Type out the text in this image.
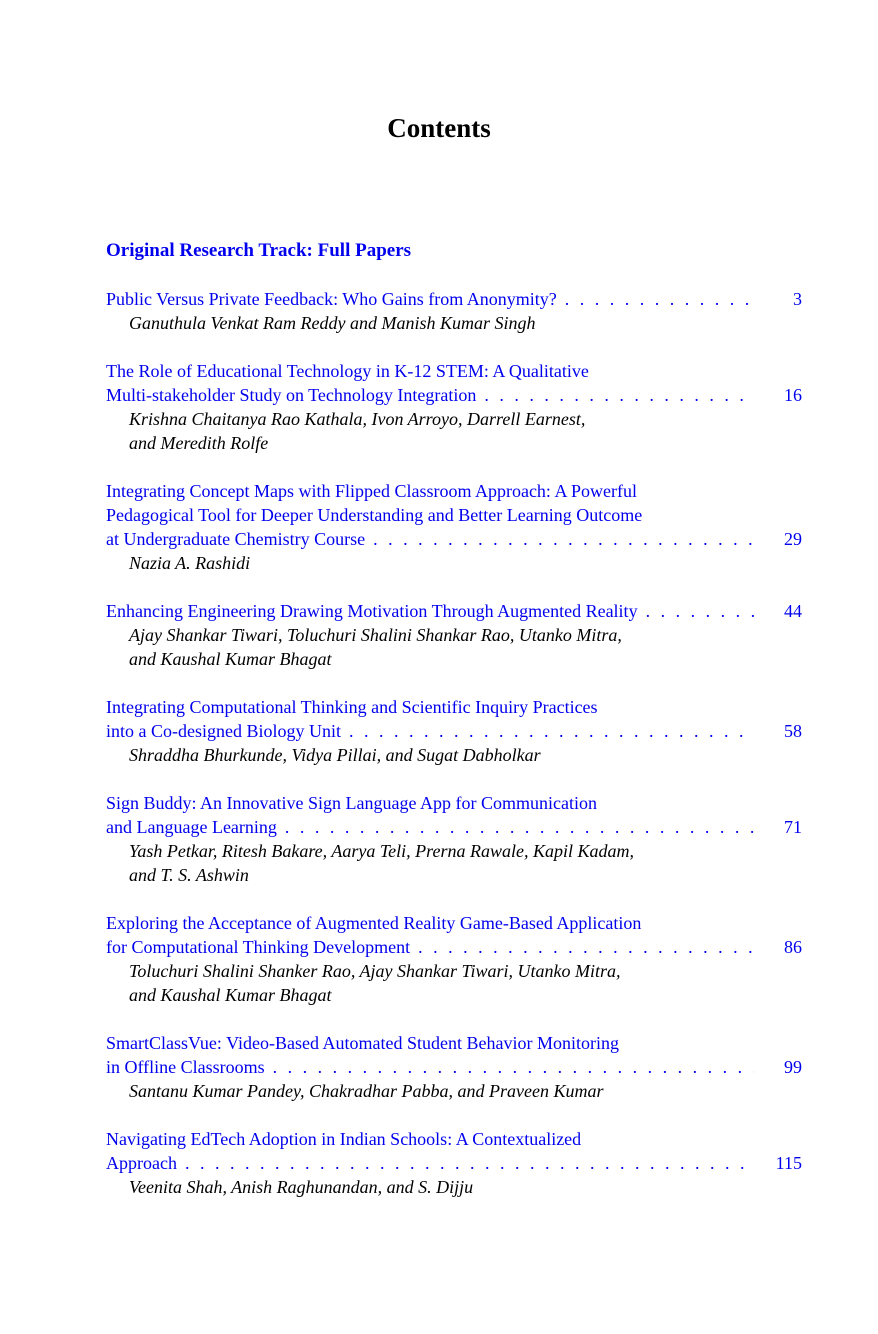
Contents
Original Research Track: Full Papers
Public Versus Private Feedback: Who Gains from Anonymity? . . .	3
Ganuthula Venkat Ram Reddy and Manish Kumar Singh
The Role of Educational Technology in K-12 STEM: A Qualitative
Multi-stakeholder Study on Technology Integration . . .	16
Krishna Chaitanya Rao Kathala, Ivon Arroyo, Darrell Earnest,
and Meredith Rolfe
Integrating Concept Maps with Flipped Classroom Approach: A Powerful
Pedagogical Tool for Deeper Understanding and Better Learning Outcome
at Undergraduate Chemistry Course . . .	29
Nazia A. Rashidi
Enhancing Engineering Drawing Motivation Through Augmented Reality . . .	44
Ajay Shankar Tiwari, Toluchuri Shalini Shankar Rao, Utanko Mitra,
and Kaushal Kumar Bhagat
Integrating Computational Thinking and Scientific Inquiry Practices
into a Co-designed Biology Unit . . .	58
Shraddha Bhurkunde, Vidya Pillai, and Sugat Dabholkar
Sign Buddy: An Innovative Sign Language App for Communication
and Language Learning . . .	71
Yash Petkar, Ritesh Bakare, Aarya Teli, Prerna Rawale, Kapil Kadam,
and T. S. Ashwin
Exploring the Acceptance of Augmented Reality Game-Based Application
for Computational Thinking Development . . .	86
Toluchuri Shalini Shanker Rao, Ajay Shankar Tiwari, Utanko Mitra,
and Kaushal Kumar Bhagat
SmartClassVue: Video-Based Automated Student Behavior Monitoring
in Offline Classrooms . . .	99
Santanu Kumar Pandey, Chakradhar Pabba, and Praveen Kumar
Navigating EdTech Adoption in Indian Schools: A Contextualized
Approach . . .	115
Veenita Shah, Anish Raghunandan, and S. Dijju
